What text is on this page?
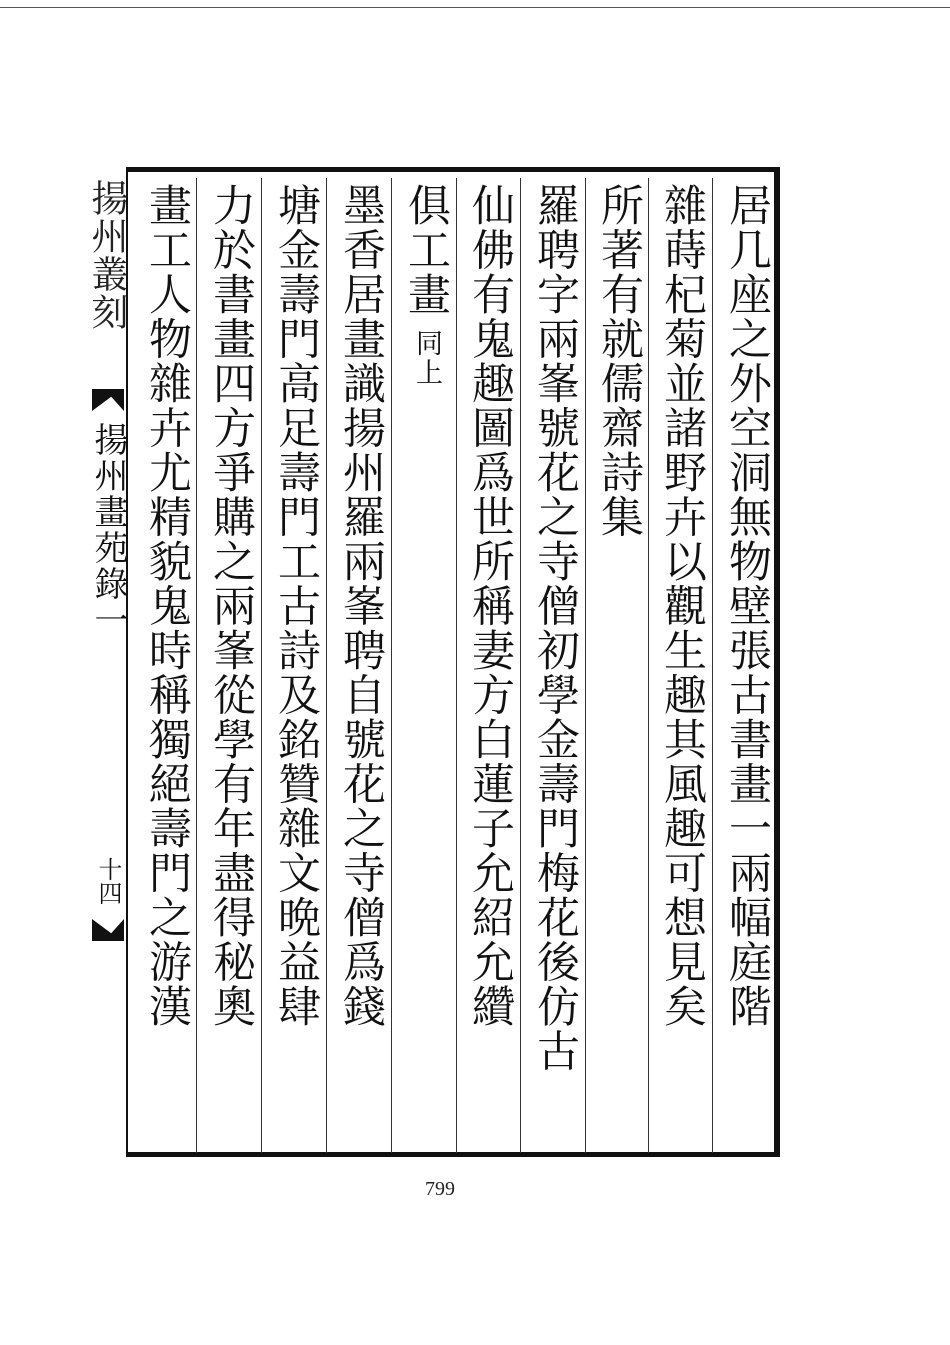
居几座之外空洞無物壁張古書畫一兩幅庭階
雜蒔杞菊並諸野卉以觀生趣其風趣可想見矣
所著有就儒齋詩集
羅聘字兩峯號花之寺僧初學金壽門梅花後仿古
仙佛有鬼趣圖爲世所稱妻方白蓮子允紹允纘
俱工畫同上
墨香居畫識揚州羅兩峯聘自號花之寺僧爲錢
塘金壽門高足壽門工古詩及銘贊雜文晩益肆
力於書畫四方爭購之兩峯從學有年盡得秘奧
畫工人物雜卉尤精貌鬼時稱獨絕壽門之游漢
揚州叢刻
揚州畫苑錄一
十四
799
